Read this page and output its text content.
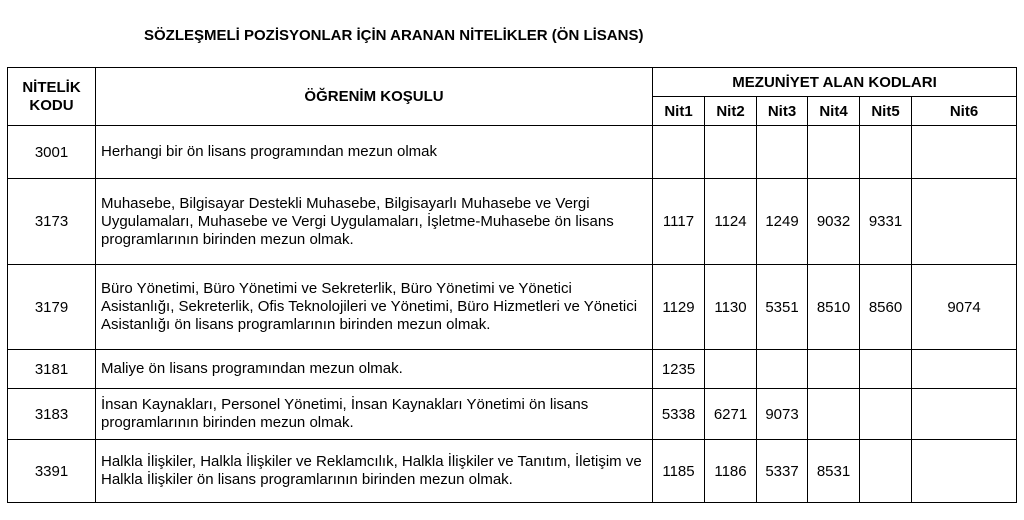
SÖZLEŞMELİ POZİSYONLAR İÇİN ARANAN NİTELİKLER (ÖN LİSANS)
NİTELİK
KODU	ÖĞRENİM KOŞULU	MEZUNİYET ALAN KODLARI					
		Nit1	Nit2	Nit3	Nit4	Nit5	Nit6
3001	Herhangi bir ön lisans programından mezun olmak						
3173	Muhasebe, Bilgisayar Destekli Muhasebe, Bilgisayarlı Muhasebe ve Vergi Uygulamaları, Muhasebe ve Vergi Uygulamaları, İşletme-Muhasebe ön lisans programlarının birinden mezun olmak.	1117	1124	1249	9032	9331	
3179	Büro Yönetimi, Büro Yönetimi ve Sekreterlik, Büro Yönetimi ve Yönetici Asistanlığı, Sekreterlik, Ofis Teknolojileri ve Yönetimi, Büro Hizmetleri ve Yönetici Asistanlığı ön lisans programlarının birinden mezun olmak.	1129	1130	5351	8510	8560	9074
3181	Maliye ön lisans programından mezun olmak.	1235					
3183	İnsan Kaynakları, Personel Yönetimi, İnsan Kaynakları Yönetimi ön lisans programlarının birinden mezun olmak.	5338	6271	9073			
3391	Halkla İlişkiler, Halkla İlişkiler ve Reklamcılık, Halkla İlişkiler ve Tanıtım, İletişim ve Halkla İlişkiler ön lisans programlarının birinden mezun olmak.	1185	1186	5337	8531		
